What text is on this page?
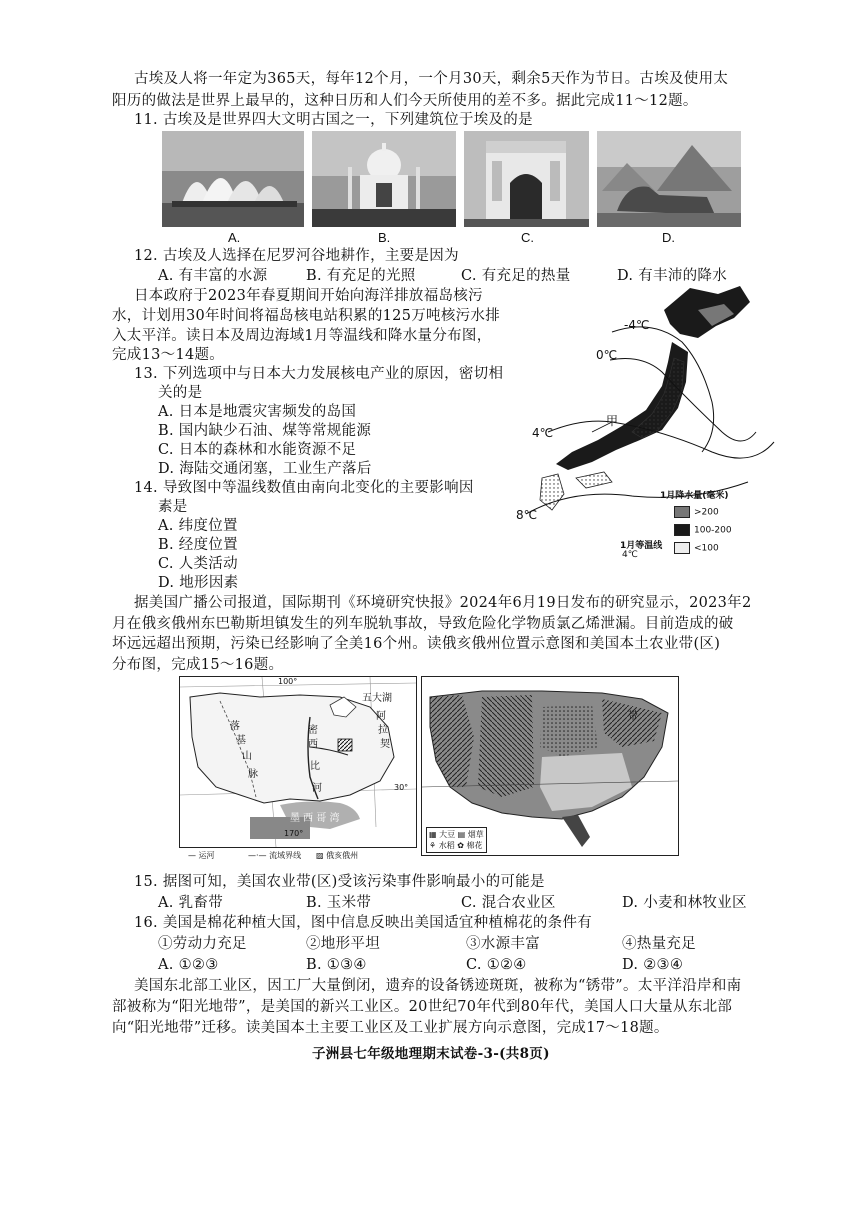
古埃及人将一年定为365天，每年12个月，一个月30天，剩余5天作为节日。古埃及使用太
阳历的做法是世界上最早的，这种日历和人们今天所使用的差不多。据此完成11～12题。
11. 古埃及是世界四大文明古国之一，下列建筑位于埃及的是
A.	B.	C.	D.
12. 古埃及人选择在尼罗河谷地耕作，主要是因为
A. 有丰富的水源	B. 有充足的光照	C. 有充足的热量	D. 有丰沛的降水
日本政府于2023年春夏期间开始向海洋排放福岛核污
水，计划用30年时间将福岛核电站积累的125万吨核污水排
入太平洋。读日本及周边海域1月等温线和降水量分布图，
完成13～14题。
13. 下列选项中与日本大力发展核电产业的原因，密切相
关的是
A. 日本是地震灾害频发的岛国
B. 国内缺少石油、煤等常规能源
C. 日本的森林和水能资源不足
D. 海陆交通闭塞，工业生产落后
14. 导致图中等温线数值由南向北变化的主要影响因
素是
A. 纬度位置
B. 经度位置
C. 人类活动
D. 地形因素
-4℃
0℃
4℃
8℃
甲
1月降水量(毫米)
>200
100-200
<100
1月等温线
4℃
据美国广播公司报道，国际期刊《环境研究快报》2024年6月19日发布的研究显示，2023年2
月在俄亥俄州东巴勒斯坦镇发生的列车脱轨事故，导致危险化学物质氯乙烯泄漏。目前造成的破
坏远远超出预期，污染已经影响了全美16个州。读俄亥俄州位置示意图和美国本土农业带(区)
分布图，完成15～16题。
100°
五大湖
密
西
比
河
落
基
山
脉
阿
拉
契
30°
墨 西 哥 湾
170°
— 运河	—·— 流域界线 ▨ 俄亥俄州
带
▦ 大豆 ▤ 烟草
⚘ 水稻 ✿ 棉花
15. 据图可知，美国农业带(区)受该污染事件影响最小的可能是
A. 乳畜带	B. 玉米带	C. 混合农业区	D. 小麦和林牧业区
16. 美国是棉花种植大国，图中信息反映出美国适宜种植棉花的条件有
①劳动力充足	②地形平坦	③水源丰富	④热量充足
A. ①②③	B. ①③④	C. ①②④	D. ②③④
美国东北部工业区，因工厂大量倒闭，遗弃的设备锈迹斑斑，被称为“锈带”。太平洋沿岸和南
部被称为“阳光地带”，是美国的新兴工业区。20世纪70年代到80年代，美国人口大量从东北部
向“阳光地带”迁移。读美国本土主要工业区及工业扩展方向示意图，完成17～18题。
子洲县七年级地理期末试卷-3-(共8页)
